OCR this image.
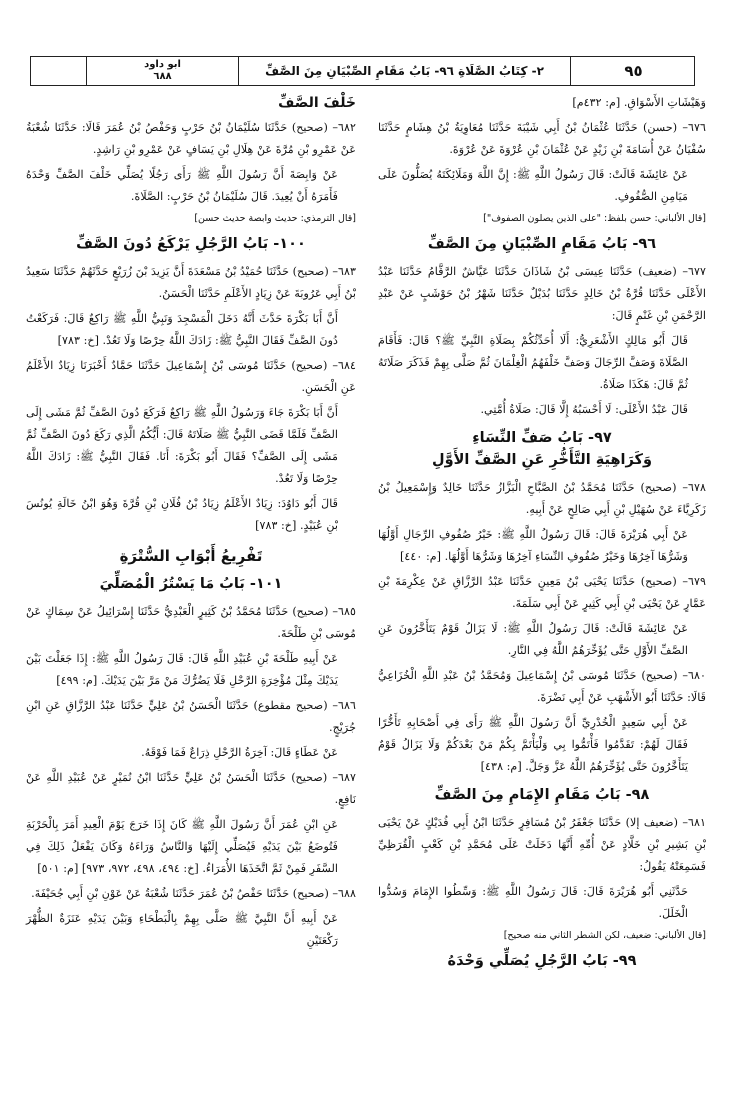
ابو داود
٦٨٨	٢- كِتَابُ الصَّلَاةِ ٩٦- بَابُ مَقَامِ الصِّبْيَانِ مِنَ الصَّفِّ	٩٥

وَهَيْشَاتِ الأَسْوَاقِ. [م: ٤٣٢م]

٦٧٦– (حسن) حَدَّثَنَا عُثْمَانُ بْنُ أَبِي شَيْبَةَ حَدَّثَنَا مُعَاوِيَةُ بْنُ هِشَامٍ حَدَّثَنَا سُفْيَانُ عَنْ أُسَامَةَ بْنِ زَيْدٍ عَنْ عُثْمَانَ بْنِ عُرْوَةَ عَنْ عُرْوَةَ.

عَنْ عَائِشَةَ قَالَتْ: قَالَ رَسُولُ اللَّهِ ﷺ: إِنَّ اللَّهَ وَمَلَائِكَتَهُ يُصَلُّونَ عَلَى مَيَامِنِ الصُّفُوفِ.

[قال الألباني: حسن بلفظ: "على الذين يصلون الصفوف"]

٩٦- بَابُ مَقَامِ الصِّبْيَانِ مِنَ الصَّفِّ

٦٧٧– (ضعيف) حَدَّثَنَا عِيسَى بْنُ شَاذَانَ حَدَّثَنَا عَيَّاشٌ الرَّقَّامُ حَدَّثَنَا عَبْدُ الأَعْلَى حَدَّثَنَا قُرَّةُ بْنُ خَالِدٍ حَدَّثَنَا بُدَيْلٌ حَدَّثَنَا شَهْرُ بْنُ حَوْشَبٍ عَنْ عَبْدِ الرَّحْمَنِ بْنِ غَنْمٍ قَالَ:

قَالَ أَبُو مَالِكٍ الأَشْعَرِيُّ: أَلَا أُحَدِّثُكُمْ بِصَلَاةِ النَّبِيِّ ﷺ؟ قَالَ: فَأَقَامَ الصَّلَاةَ وَصَفَّ الرِّجَالَ وَصَفَّ خَلْفَهُمُ الْغِلْمَانَ ثُمَّ صَلَّى بِهِمْ فَذَكَرَ صَلَاتَهُ ثُمَّ قَالَ: هَكَذَا صَلَاةُ.

قَالَ عَبْدُ الأَعْلَى: لَا أَحْسَبُهُ إِلَّا قَالَ: صَلَاةُ أُمَّتِي.

٩٧- بَابُ صَفِّ النِّسَاءِ
وَكَرَاهِيَةِ التَّأَخُّرِ عَنِ الصَّفِّ الأَوَّلِ

٦٧٨– (صحيح) حَدَّثَنَا مُحَمَّدُ بْنُ الصَّبَّاحِ الْبَزَّازُ حَدَّثَنَا خَالِدٌ وَإِسْمَعِيلُ بْنُ زَكَرِيَّاءَ عَنْ سُهَيْلِ بْنِ أَبِي صَالِحٍ عَنْ أَبِيهِ.

عَنْ أَبِي هُرَيْرَةَ قَالَ: قَالَ رَسُولُ اللَّهِ ﷺ: خَيْرُ صُفُوفِ الرِّجَالِ أَوَّلُهَا وَشَرُّهَا آخِرُهَا وَخَيْرُ صُفُوفِ النِّسَاءِ آخِرُهَا وَشَرُّهَا أَوَّلُهَا. [م: ٤٤٠]

٦٧٩– (صحيح) حَدَّثَنَا يَحْيَى بْنُ مَعِينٍ حَدَّثَنَا عَبْدُ الرَّزَّاقِ عَنْ عِكْرِمَةَ بْنِ عَمَّارٍ عَنْ يَحْيَى بْنِ أَبِي كَثِيرٍ عَنْ أَبِي سَلَمَةَ.

عَنْ عَائِشَةَ قَالَتْ: قَالَ رَسُولُ اللَّهِ ﷺ: لَا يَزَالُ قَوْمٌ يَتَأَخَّرُونَ عَنِ الصَّفِّ الأَوَّلِ حَتَّى يُؤَخِّرَهُمُ اللَّهُ فِي النَّارِ.

٦٨٠– (صحيح) حَدَّثَنَا مُوسَى بْنُ إِسْمَاعِيلَ وَمُحَمَّدُ بْنُ عَبْدِ اللَّهِ الْخُزَاعِيُّ قَالَا: حَدَّثَنَا أَبُو الأَشْهَبِ عَنْ أَبِي نَضْرَةَ.

عَنْ أَبِي سَعِيدٍ الْخُدْرِيِّ أَنَّ رَسُولَ اللَّهِ ﷺ رَأَى فِي أَصْحَابِهِ تَأَخُّرًا فَقَالَ لَهُمْ: تَقَدَّمُوا فَأْتَمُّوا بِي وَلْيَأْتَمَّ بِكُمْ مَنْ بَعْدَكُمْ وَلَا يَزَالُ قَوْمٌ يَتَأَخَّرُونَ حَتَّى يُؤَخِّرَهُمُ اللَّهُ عَزَّ وَجَلَّ. [م: ٤٣٨]

٩٨- بَابُ مَقَامِ الإِمَامِ مِنَ الصَّفِّ

٦٨١– (ضعيف إلا) حَدَّثَنَا جَعْفَرُ بْنُ مُسَافِرٍ حَدَّثَنَا ابْنُ أَبِي فُدَيْكٍ عَنْ يَحْيَى بْنِ بَشِيرِ بْنِ خَلَّادٍ عَنْ أُمِّهِ أَنَّهَا دَخَلَتْ عَلَى مُحَمَّدِ بْنِ كَعْبٍ الْقُرَظِيِّ فَسَمِعَتْهُ يَقُولُ:

حَدَّثَنِي أَبُو هُرَيْرَةَ قَالَ: قَالَ رَسُولُ اللَّهِ ﷺ: وَسِّطُوا الإِمَامَ وَسُدُّوا الْخَلَلَ.

[قال الألباني: ضعيف، لكن الشطر الثاني منه صحيح]

٩٩- بَابُ الرَّجُلِ يُصَلِّي وَحْدَهُ

خَلْفَ الصَّفِّ

٦٨٢– (صحيح) حَدَّثَنَا سُلَيْمَانُ بْنُ حَرْبٍ وَحَفْصُ بْنُ عُمَرَ قَالَا: حَدَّثَنَا شُعْبَةُ عَنْ عَمْرِو بْنِ مُرَّةَ عَنْ هِلَالِ بْنِ يَسَافٍ عَنْ عَمْرِو بْنِ رَاشِدٍ.

عَنْ وَابِصَةَ أَنَّ رَسُولَ اللَّهِ ﷺ رَأَى رَجُلًا يُصَلِّي خَلْفَ الصَّفِّ وَحْدَهُ فَأَمَرَهُ أَنْ يُعِيدَ. قَالَ سُلَيْمَانُ بْنُ حَرْبٍ: الصَّلَاةَ.

[قال الترمذي: حديث وابصة حديث حسن]

١٠٠- بَابُ الرَّجُلِ يَرْكَعُ دُونَ الصَّفِّ

٦٨٣– (صحيح) حَدَّثَنَا حُمَيْدُ بْنُ مَسْعَدَةَ أَنَّ يَزِيدَ بْنَ زُرَيْعٍ حَدَّثَهُمْ حَدَّثَنَا سَعِيدُ بْنُ أَبِي عَرُوبَةَ عَنْ زِيَادٍ الأَعْلَمِ حَدَّثَنَا الْحَسَنُ.

أَنَّ أَبَا بَكْرَةَ حَدَّثَ أَنَّهُ دَخَلَ الْمَسْجِدَ وَنَبِيُّ اللَّهِ ﷺ رَاكِعٌ قَالَ: فَرَكَعْتُ دُونَ الصَّفِّ فَقَالَ النَّبِيُّ ﷺ: زَادَكَ اللَّهُ حِرْصًا وَلَا تَعُدْ. [خ: ٧٨٣]

٦٨٤– (صحيح) حَدَّثَنَا مُوسَى بْنُ إِسْمَاعِيلَ حَدَّثَنَا حَمَّادٌ أَخْبَرَنَا زِيَادٌ الأَعْلَمُ عَنِ الْحَسَنِ.

أَنَّ أَبَا بَكْرَةَ جَاءَ وَرَسُولُ اللَّهِ ﷺ رَاكِعٌ فَرَكَعَ دُونَ الصَّفِّ ثُمَّ مَشَى إِلَى الصَّفِّ فَلَمَّا قَضَى النَّبِيُّ ﷺ صَلَاتَهُ قَالَ: أَيُّكُمُ الَّذِي رَكَعَ دُونَ الصَّفِّ ثُمَّ مَشَى إِلَى الصَّفِّ؟ فَقَالَ أَبُو بَكْرَةَ: أَنَا. فَقَالَ النَّبِيُّ ﷺ: زَادَكَ اللَّهُ حِرْصًا وَلَا تَعُدْ.

قَالَ أَبُو دَاوُدَ: زِيَادٌ الأَعْلَمُ زِيَادُ بْنُ فُلَانِ بْنِ قُرَّةَ وَهُوَ ابْنُ خَالَةِ يُونُسَ بْنِ عُبَيْدٍ. [خ: ٧٨٣]

تَفْرِيعُ أَبْوَابِ السُّتْرَةِ
١٠١- بَابُ مَا يَسْتُرُ الْمُصَلِّيَ

٦٨٥– (صحيح) حَدَّثَنَا مُحَمَّدُ بْنُ كَثِيرٍ الْعَبْدِيُّ حَدَّثَنَا إِسْرَائِيلُ عَنْ سِمَاكٍ عَنْ مُوسَى بْنِ طَلْحَةَ.

عَنْ أَبِيهِ طَلْحَةَ بْنِ عُبَيْدِ اللَّهِ قَالَ: قَالَ رَسُولُ اللَّهِ ﷺ: إِذَا جَعَلْتَ بَيْنَ يَدَيْكَ مِثْلَ مُؤْخِرَةِ الرَّحْلِ فَلَا يَضُرُّكَ مَنْ مَرَّ بَيْنَ يَدَيْكَ. [م: ٤٩٩]

٦٨٦– (صحيح مقطوع) حَدَّثَنَا الْحَسَنُ بْنُ عَلِيٍّ حَدَّثَنَا عَبْدُ الرَّزَّاقِ عَنِ ابْنِ جُرَيْجٍ.

عَنْ عَطَاءٍ قَالَ: آخِرَةُ الرَّحْلِ ذِرَاعٌ فَمَا فَوْقَهُ.

٦٨٧– (صحيح) حَدَّثَنَا الْحَسَنُ بْنُ عَلِيٍّ حَدَّثَنَا ابْنُ نُمَيْرٍ عَنْ عُبَيْدِ اللَّهِ عَنْ نَافِعٍ.

عَنِ ابْنِ عُمَرَ أَنَّ رَسُولَ اللَّهِ ﷺ كَانَ إِذَا خَرَجَ يَوْمَ الْعِيدِ أَمَرَ بِالْحَرْبَةِ فَتُوضَعُ بَيْنَ يَدَيْهِ فَيُصَلِّي إِلَيْهَا وَالنَّاسُ وَرَاءَهُ وَكَانَ يَفْعَلُ ذَلِكَ فِي السَّفَرِ فَمِنْ ثَمَّ اتَّخَذَهَا الأُمَرَاءُ. [خ: ٤٩٤، ٤٩٨، ٩٧٢، ٩٧٣] [م: ٥٠١]

٦٨٨– (صحيح) حَدَّثَنَا حَفْصُ بْنُ عُمَرَ حَدَّثَنَا شُعْبَةُ عَنْ عَوْنِ بْنِ أَبِي جُحَيْفَةَ.

عَنْ أَبِيهِ أَنَّ النَّبِيَّ ﷺ صَلَّى بِهِمْ بِالْبَطْحَاءِ وَبَيْنَ يَدَيْهِ عَنَزَةٌ الظُّهْرَ رَكْعَتَيْنِ
